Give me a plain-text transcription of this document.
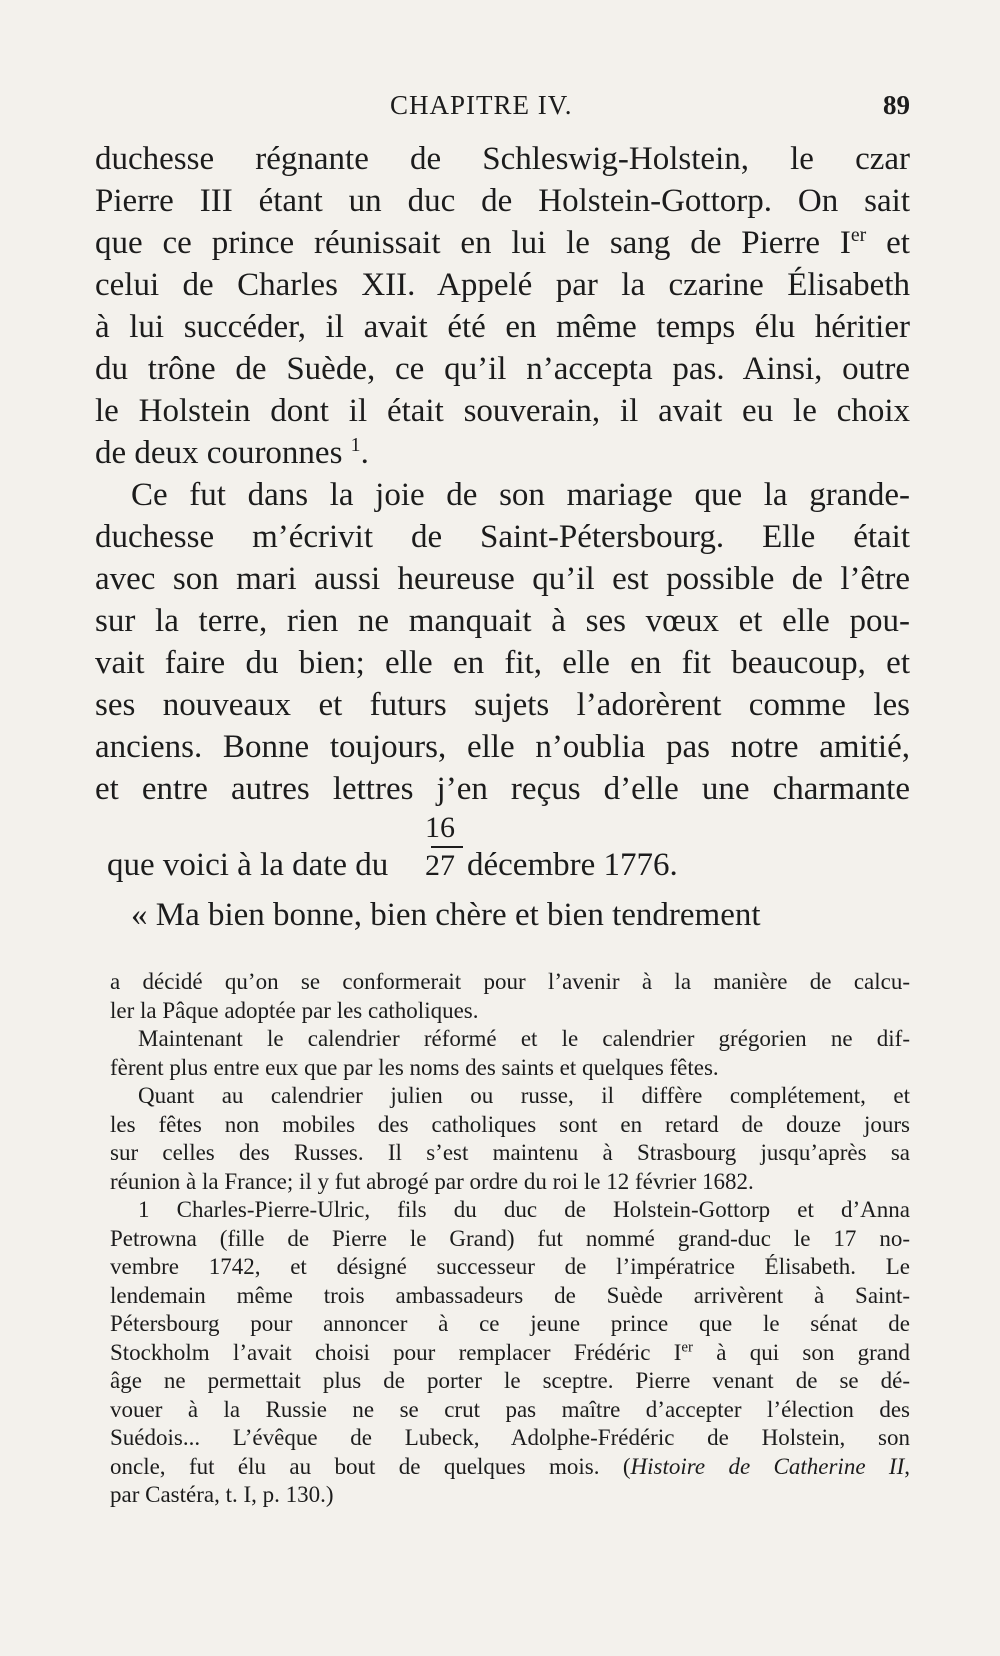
CHAPITRE IV.	89
duchesse régnante de Schleswig-Holstein, le czar
Pierre III étant un duc de Holstein-Gottorp. On sait
que ce prince réunissait en lui le sang de Pierre Ier et
celui de Charles XII. Appelé par la czarine Élisabeth
à lui succéder, il avait été en même temps élu héritier
du trône de Suède, ce qu’il n’accepta pas. Ainsi, outre
le Holstein dont il était souverain, il avait eu le choix
de deux couronnes $^1$.
Ce fut dans la joie de son mariage que la grande-
duchesse m’écrivit de Saint-Pétersbourg. Elle était
avec son mari aussi heureuse qu’il est possible de l’être
sur la terre, rien ne manquait à ses vœux et elle pou-
vait faire du bien; elle en fit, elle en fit beaucoup, et
ses nouveaux et futurs sujets l’adorèrent comme les
anciens. Bonne toujours, elle n’oublia pas notre amitié,
et entre autres lettres j’en reçus d’elle une charmante
que voici à la date du
16
27 décembre 1776.
« Ma bien bonne, bien chère et bien tendrement
a décidé qu’on se conformerait pour l’avenir à la manière de calcu-
ler la Pâque adoptée par les catholiques.
Maintenant le calendrier réformé et le calendrier grégorien ne dif-
fèrent plus entre eux que par les noms des saints et quelques fêtes.
Quant au calendrier julien ou russe, il diffère complétement, et
les fêtes non mobiles des catholiques sont en retard de douze jours
sur celles des Russes. Il s’est maintenu à Strasbourg jusqu’après sa
réunion à la France; il y fut abrogé par ordre du roi le 12 février 1682.
1 Charles-Pierre-Ulric, fils du duc de Holstein-Gottorp et d’Anna
Petrowna (fille de Pierre le Grand) fut nommé grand-duc le 17 no-
vembre 1742, et désigné successeur de l’impératrice Élisabeth. Le
lendemain même trois ambassadeurs de Suède arrivèrent à Saint-
Pétersbourg pour annoncer à ce jeune prince que le sénat de
Stockholm l’avait choisi pour remplacer Frédéric Ier à qui son grand
âge ne permettait plus de porter le sceptre. Pierre venant de se dé-
vouer à la Russie ne se crut pas maître d’accepter l’élection des
Suédois... L’évêque de Lubeck, Adolphe-Frédéric de Holstein, son
oncle, fut élu au bout de quelques mois. (Histoire de Catherine II,
par Castéra, t. I, p. 130.)
